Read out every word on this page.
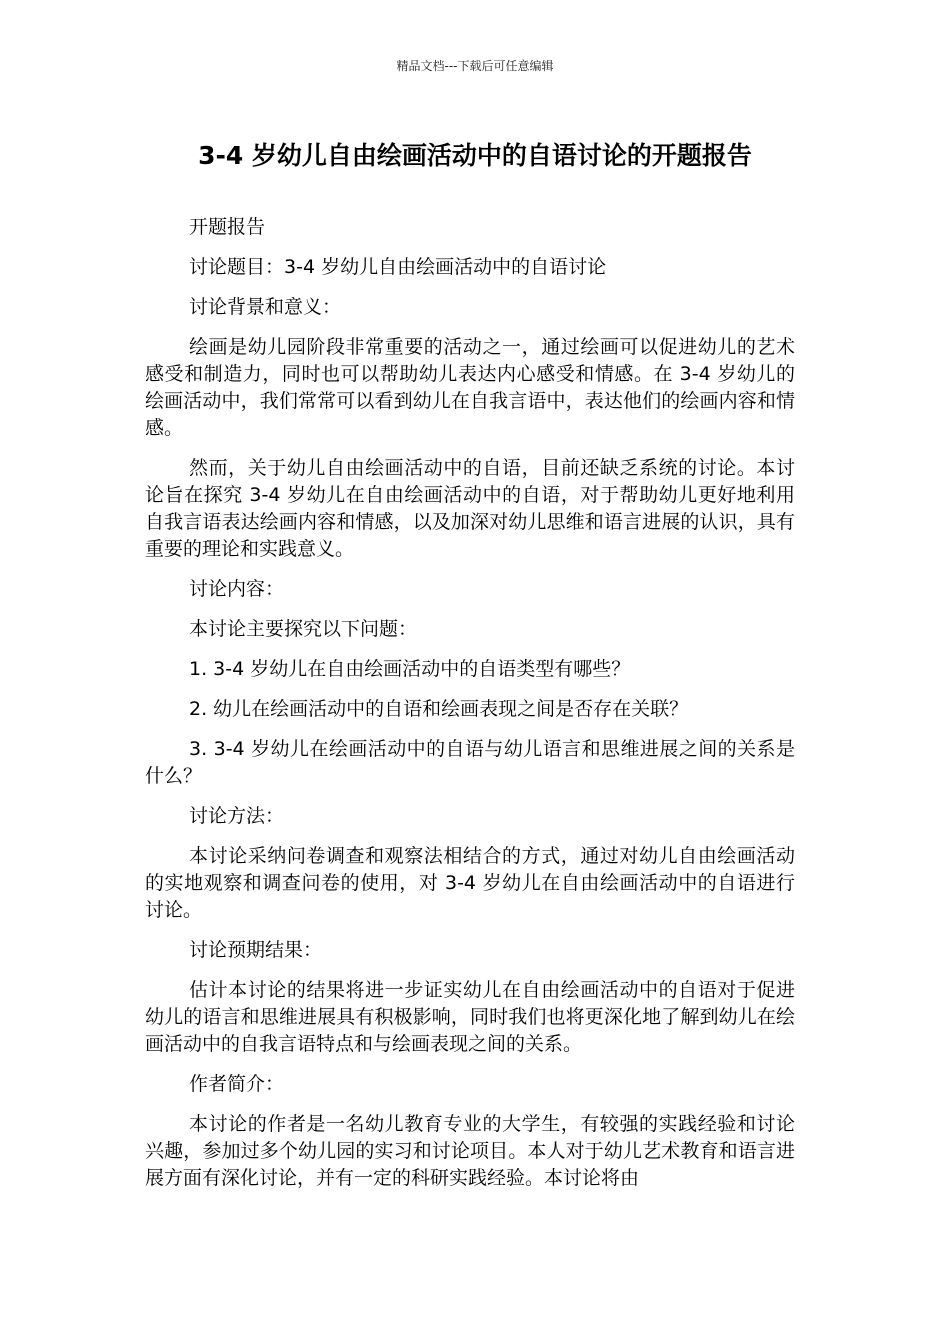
精品文档---下载后可任意编辑
3-4 岁幼儿自由绘画活动中的自语讨论的开题报告

开题报告

讨论题目：3-4 岁幼儿自由绘画活动中的自语讨论

讨论背景和意义：

绘画是幼儿园阶段非常重要的活动之一，通过绘画可以促进幼儿的艺术感受和制造力，同时也可以帮助幼儿表达内心感受和情感。在 3-4 岁幼儿的绘画活动中，我们常常可以看到幼儿在自我言语中，表达他们的绘画内容和情感。

然而，关于幼儿自由绘画活动中的自语，目前还缺乏系统的讨论。本讨论旨在探究 3-4 岁幼儿在自由绘画活动中的自语，对于帮助幼儿更好地利用自我言语表达绘画内容和情感，以及加深对幼儿思维和语言进展的认识，具有重要的理论和实践意义。

讨论内容：

本讨论主要探究以下问题：

1. 3-4 岁幼儿在自由绘画活动中的自语类型有哪些？

2. 幼儿在绘画活动中的自语和绘画表现之间是否存在关联？

3. 3-4 岁幼儿在绘画活动中的自语与幼儿语言和思维进展之间的关系是什么？

讨论方法：

本讨论采纳问卷调查和观察法相结合的方式，通过对幼儿自由绘画活动的实地观察和调查问卷的使用，对 3-4 岁幼儿在自由绘画活动中的自语进行讨论。

讨论预期结果：

估计本讨论的结果将进一步证实幼儿在自由绘画活动中的自语对于促进幼儿的语言和思维进展具有积极影响，同时我们也将更深化地了解到幼儿在绘画活动中的自我言语特点和与绘画表现之间的关系。

作者简介：

本讨论的作者是一名幼儿教育专业的大学生，有较强的实践经验和讨论兴趣，参加过多个幼儿园的实习和讨论项目。本人对于幼儿艺术教育和语言进展方面有深化讨论，并有一定的科研实践经验。本讨论将由
